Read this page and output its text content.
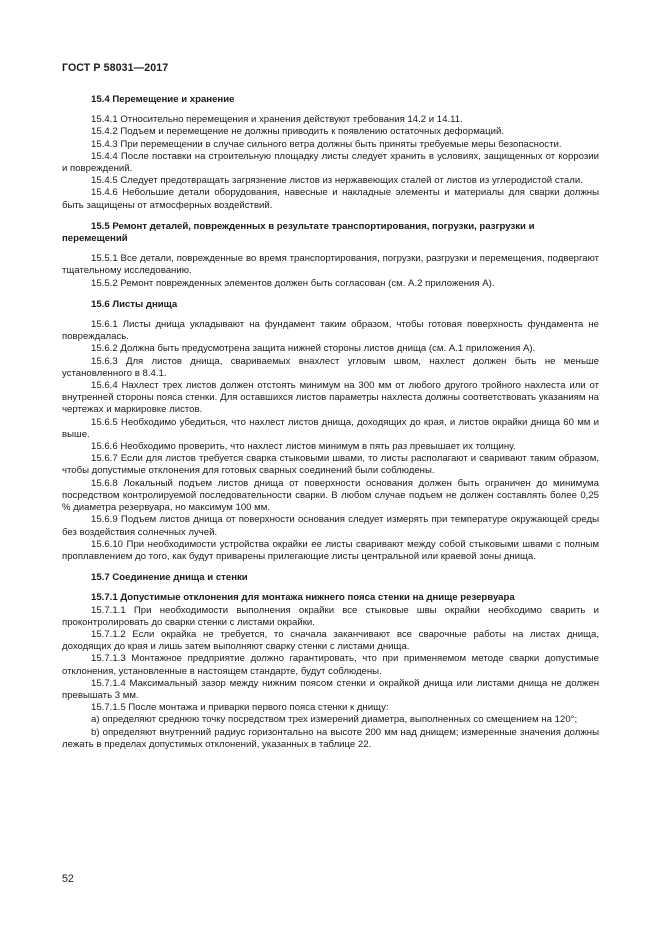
ГОСТ Р 58031—2017

15.4 Перемещение и хранение

15.4.1 Относительно перемещения и хранения действуют требования 14.2 и 14.11.

15.4.2 Подъем и перемещение не должны приводить к появлению остаточных деформаций.

15.4.3 При перемещении в случае сильного ветра должны быть приняты требуемые меры безопасности.

15.4.4 После поставки на строительную площадку листы следует хранить в условиях, защищенных от коррозии и повреждений.

15.4.5 Следует предотвращать загрязнение листов из нержавеющих сталей от листов из углеродистой стали.

15.4.6 Небольшие детали оборудования, навесные и накладные элементы и материалы для сварки должны быть защищены от атмосферных воздействий.

15.5 Ремонт деталей, поврежденных в результате транспортирования, погрузки, разгрузки и перемещений

15.5.1 Все детали, поврежденные во время транспортирования, погрузки, разгрузки и перемещения, подвергают тщательному исследованию.

15.5.2 Ремонт поврежденных элементов должен быть согласован (см. А.2 приложения А).

15.6 Листы днища

15.6.1 Листы днища укладывают на фундамент таким образом, чтобы готовая поверхность фундамента не повреждалась.

15.6.2 Должна быть предусмотрена защита нижней стороны листов днища (см. А.1 приложения А).

15.6.3 Для листов днища, свариваемых внахлест угловым швом, нахлест должен быть не меньше установленного в 8.4.1.

15.6.4 Нахлест трех листов должен отстоять минимум на 300 мм от любого другого тройного нахлеста или от внутренней стороны пояса стенки. Для оставшихся листов параметры нахлеста должны соответствовать указаниям на чертежах и маркировке листов.

15.6.5 Необходимо убедиться, что нахлест листов днища, доходящих до края, и листов окрайки днища 60 мм и выше.

15.6.6 Необходимо проверить, что нахлест листов минимум в пять раз превышает их толщину.

15.6.7 Если для листов требуется сварка стыковыми швами, то листы располагают и сваривают таким образом, чтобы допустимые отклонения для готовых сварных соединений были соблюдены.

15.6.8 Локальный подъем листов днища от поверхности основания должен быть ограничен до минимума посредством контролируемой последовательности сварки. В любом случае подъем не должен составлять более 0,25 % диаметра резервуара, но максимум 100 мм.

15.6.9 Подъем листов днища от поверхности основания следует измерять при температуре окружающей среды без воздействия солнечных лучей.

15.6.10 При необходимости устройства окрайки ее листы сваривают между собой стыковыми швами с полным проплавлением до того, как будут приварены прилегающие листы центральной или краевой зоны днища.

15.7 Соединение днища и стенки

15.7.1 Допустимые отклонения для монтажа нижнего пояса стенки на днище резервуара

15.7.1.1 При необходимости выполнения окрайки все стыковые швы окрайки необходимо сварить и проконтролировать до сварки стенки с листами окрайки.

15.7.1.2 Если окрайка не требуется, то сначала заканчивают все сварочные работы на листах днища, доходящих до края и лишь затем выполняют сварку стенки с листами днища.

15.7.1.3 Монтажное предприятие должно гарантировать, что при применяемом методе сварки допустимые отклонения, установленные в настоящем стандарте, будут соблюдены.

15.7.1.4 Максимальный зазор между нижним поясом стенки и окрайкой днища или листами днища не должен превышать 3 мм.

15.7.1.5 После монтажа и приварки первого пояса стенки к днищу:

a) определяют среднюю точку посредством трех измерений диаметра, выполненных со смещением на 120°;

b) определяют внутренний радиус горизонтально на высоте 200 мм над днищем; измеренные значения должны лежать в пределах допустимых отклонений, указанных в таблице 22.

52
